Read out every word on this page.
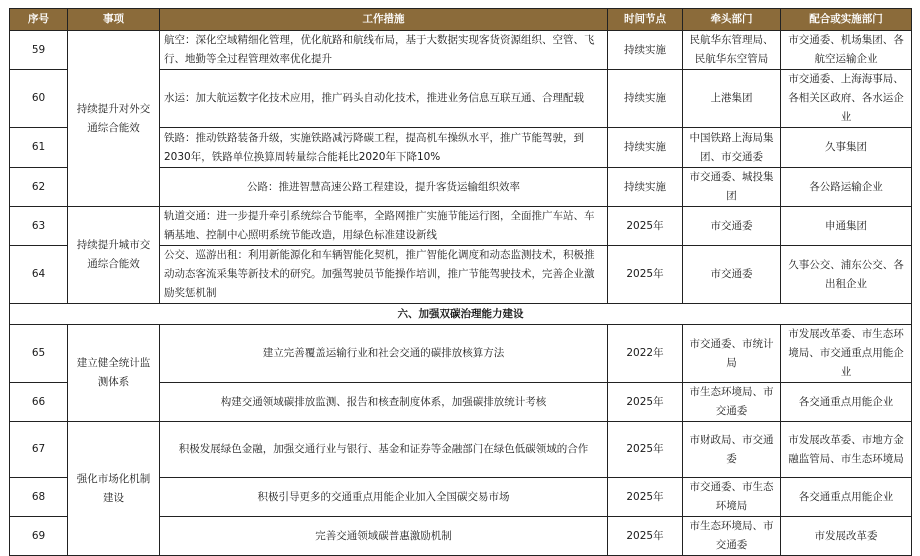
序号	事项	工作措施	时间节点	牵头部门	配合或实施部门
59	持续提升对外交通综合能效	航空：深化空域精细化管理，优化航路和航线布局，基于大数据实现客货资源组织、空管、飞行、地勤等全过程管理效率优化提升	持续实施	民航华东管理局、民航华东空管局	市交通委、机场集团、各航空运输企业
60		水运：加大航运数字化技术应用，推广码头自动化技术，推进业务信息互联互通、合理配载	持续实施	上港集团	市交通委、上海海事局、各相关区政府、各水运企业
61		铁路：推动铁路装备升级，实施铁路减污降碳工程，提高机车操纵水平，推广节能驾驶，到2030年，铁路单位换算周转量综合能耗比2020年下降10%	持续实施	中国铁路上海局集团、市交通委	久事集团
62		公路：推进智慧高速公路工程建设，提升客货运输组织效率	持续实施	市交通委、城投集团	各公路运输企业
63	持续提升城市交通综合能效	轨道交通：进一步提升牵引系统综合节能率，全路网推广实施节能运行图，全面推广车站、车辆基地、控制中心照明系统节能改造，用绿色标准建设新线	2025年	市交通委	申通集团
64		公交、巡游出租：利用新能源化和车辆智能化契机，推广智能化调度和动态监测技术，积极推动动态客流采集等新技术的研究。加强驾驶员节能操作培训，推广节能驾驶技术，完善企业激励奖惩机制	2025年	市交通委	久事公交、浦东公交、各出租企业
六、加强双碳治理能力建设					
65	建立健全统计监测体系	建立完善覆盖运输行业和社会交通的碳排放核算方法	2022年	市交通委、市统计局	市发展改革委、市生态环境局、市交通重点用能企业
66		构建交通领域碳排放监测、报告和核查制度体系，加强碳排放统计考核	2025年	市生态环境局、市交通委	各交通重点用能企业
67	强化市场化机制建设	积极发展绿色金融，加强交通行业与银行、基金和证券等金融部门在绿色低碳领域的合作	2025年	市财政局、市交通委	市发展改革委、市地方金融监管局、市生态环境局
68		积极引导更多的交通重点用能企业加入全国碳交易市场	2025年	市交通委、市生态环境局	各交通重点用能企业
69		完善交通领域碳普惠激励机制	2025年	市生态环境局、市交通委	市发展改革委
